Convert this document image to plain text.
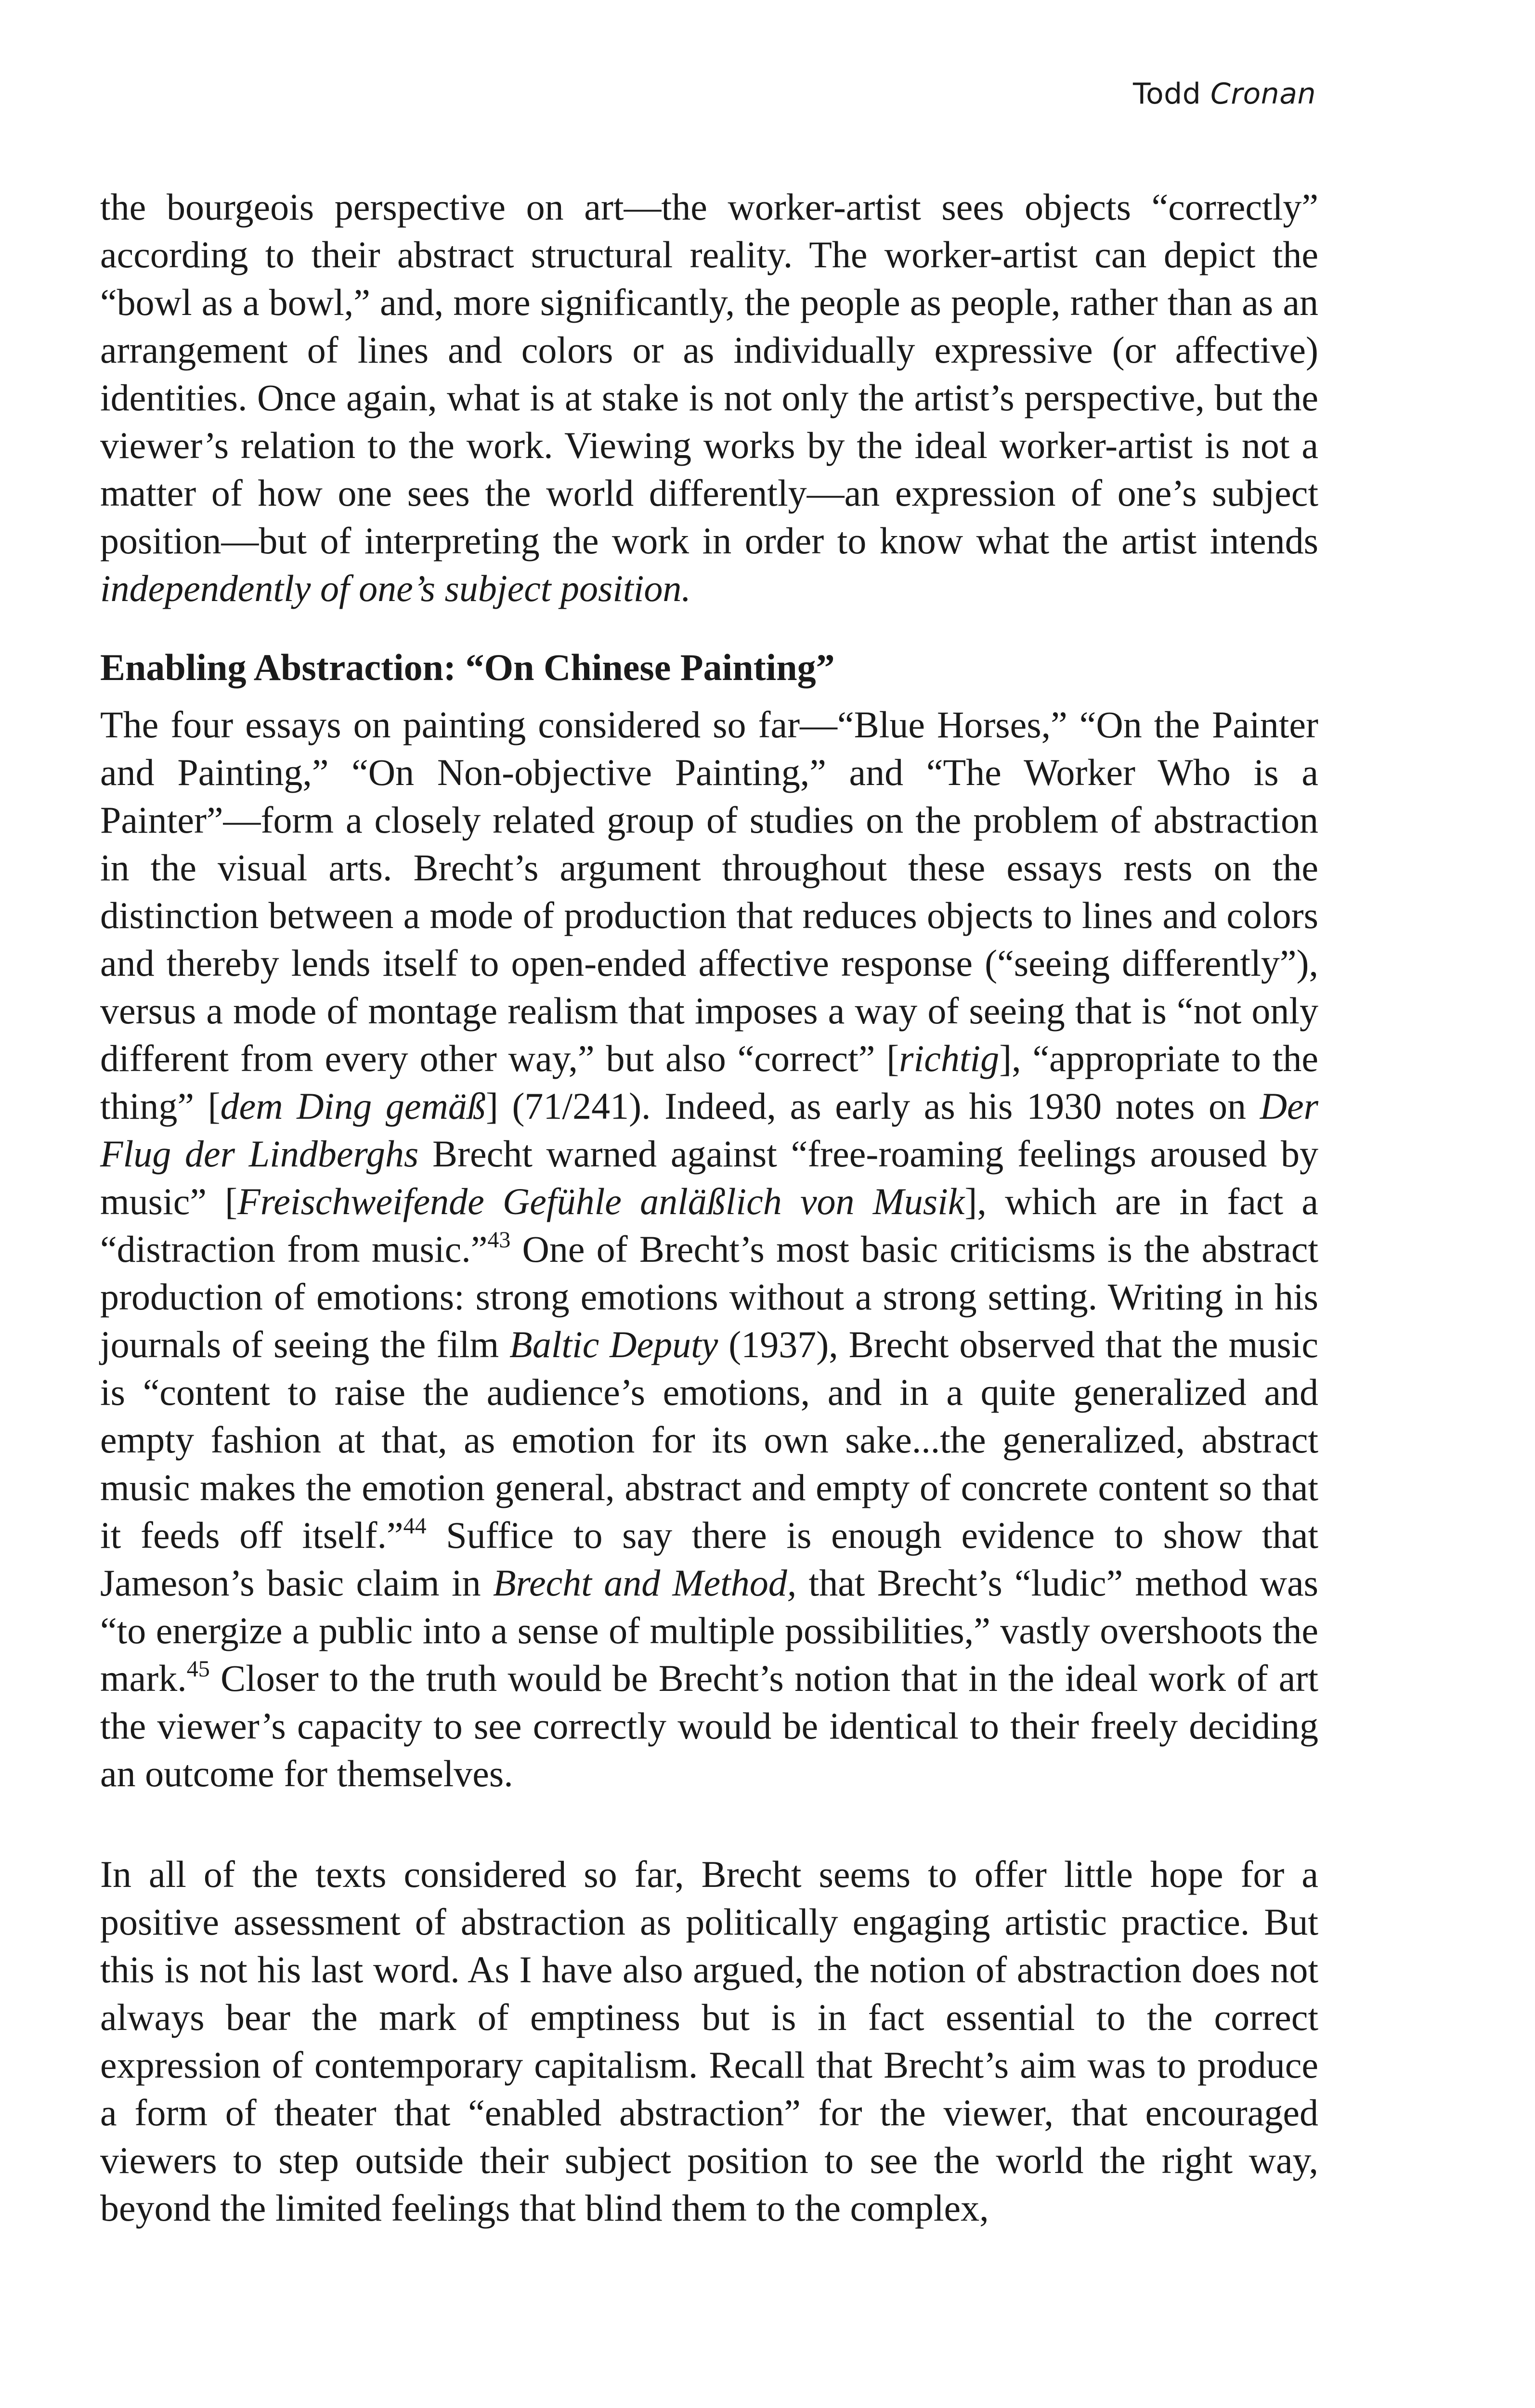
Todd Cronan

the bourgeois perspective on art—the worker-artist sees objects “correctly” according to their abstract structural reality. The worker-artist can depict the “bowl as a bowl,” and, more significantly, the people as people, rather than as an arrangement of lines and colors or as individually expressive (or affective) identities. Once again, what is at stake is not only the artist’s perspective, but the viewer’s relation to the work. Viewing works by the ideal worker-artist is not a matter of how one sees the world differently—an expression of one’s subject position—but of interpreting the work in order to know what the artist intends independently of one’s subject position.

Enabling Abstraction: “On Chinese Painting”

The four essays on painting considered so far—“Blue Horses,” “On the Painter and Painting,” “On Non-objective Painting,” and “The Worker Who is a Painter”—form a closely related group of studies on the problem of abstraction in the visual arts. Brecht’s argument throughout these essays rests on the distinction between a mode of production that reduces objects to lines and colors and thereby lends itself to open-ended affective response (“seeing differently”), versus a mode of montage realism that imposes a way of seeing that is “not only different from every other way,” but also “correct” [richtig], “appropriate to the thing” [dem Ding gemäß] (71/241). Indeed, as early as his 1930 notes on Der Flug der Lindberghs Brecht warned against “free-roaming feelings aroused by music” [Freischweifende Gefühle anläßlich von Musik], which are in fact a “distraction from music.”$^{43}$ One of Brecht’s most basic criticisms is the abstract production of emotions: strong emotions without a strong setting. Writing in his journals of seeing the film Baltic Deputy (1937), Brecht observed that the music is “content to raise the audience’s emotions, and in a quite generalized and empty fashion at that, as emotion for its own sake...the generalized, abstract music makes the emotion general, abstract and empty of concrete content so that it feeds off itself.”$^{44}$ Suffice to say there is enough evidence to show that Jameson’s basic claim in Brecht and Method, that Brecht’s “ludic” method was “to energize a public into a sense of multiple possibilities,” vastly overshoots the mark.$^{45}$ Closer to the truth would be Brecht’s notion that in the ideal work of art the viewer’s capacity to see correctly would be identical to their freely deciding an outcome for themselves.

In all of the texts considered so far, Brecht seems to offer little hope for a positive assessment of abstraction as politically engaging artistic practice. But this is not his last word. As I have also argued, the notion of abstraction does not always bear the mark of emptiness but is in fact essential to the correct expression of contemporary capitalism. Recall that Brecht’s aim was to produce a form of theater that “enabled abstraction” for the viewer, that encouraged viewers to step outside their subject position to see the world the right way, beyond the limited feelings that blind them to the complex,
